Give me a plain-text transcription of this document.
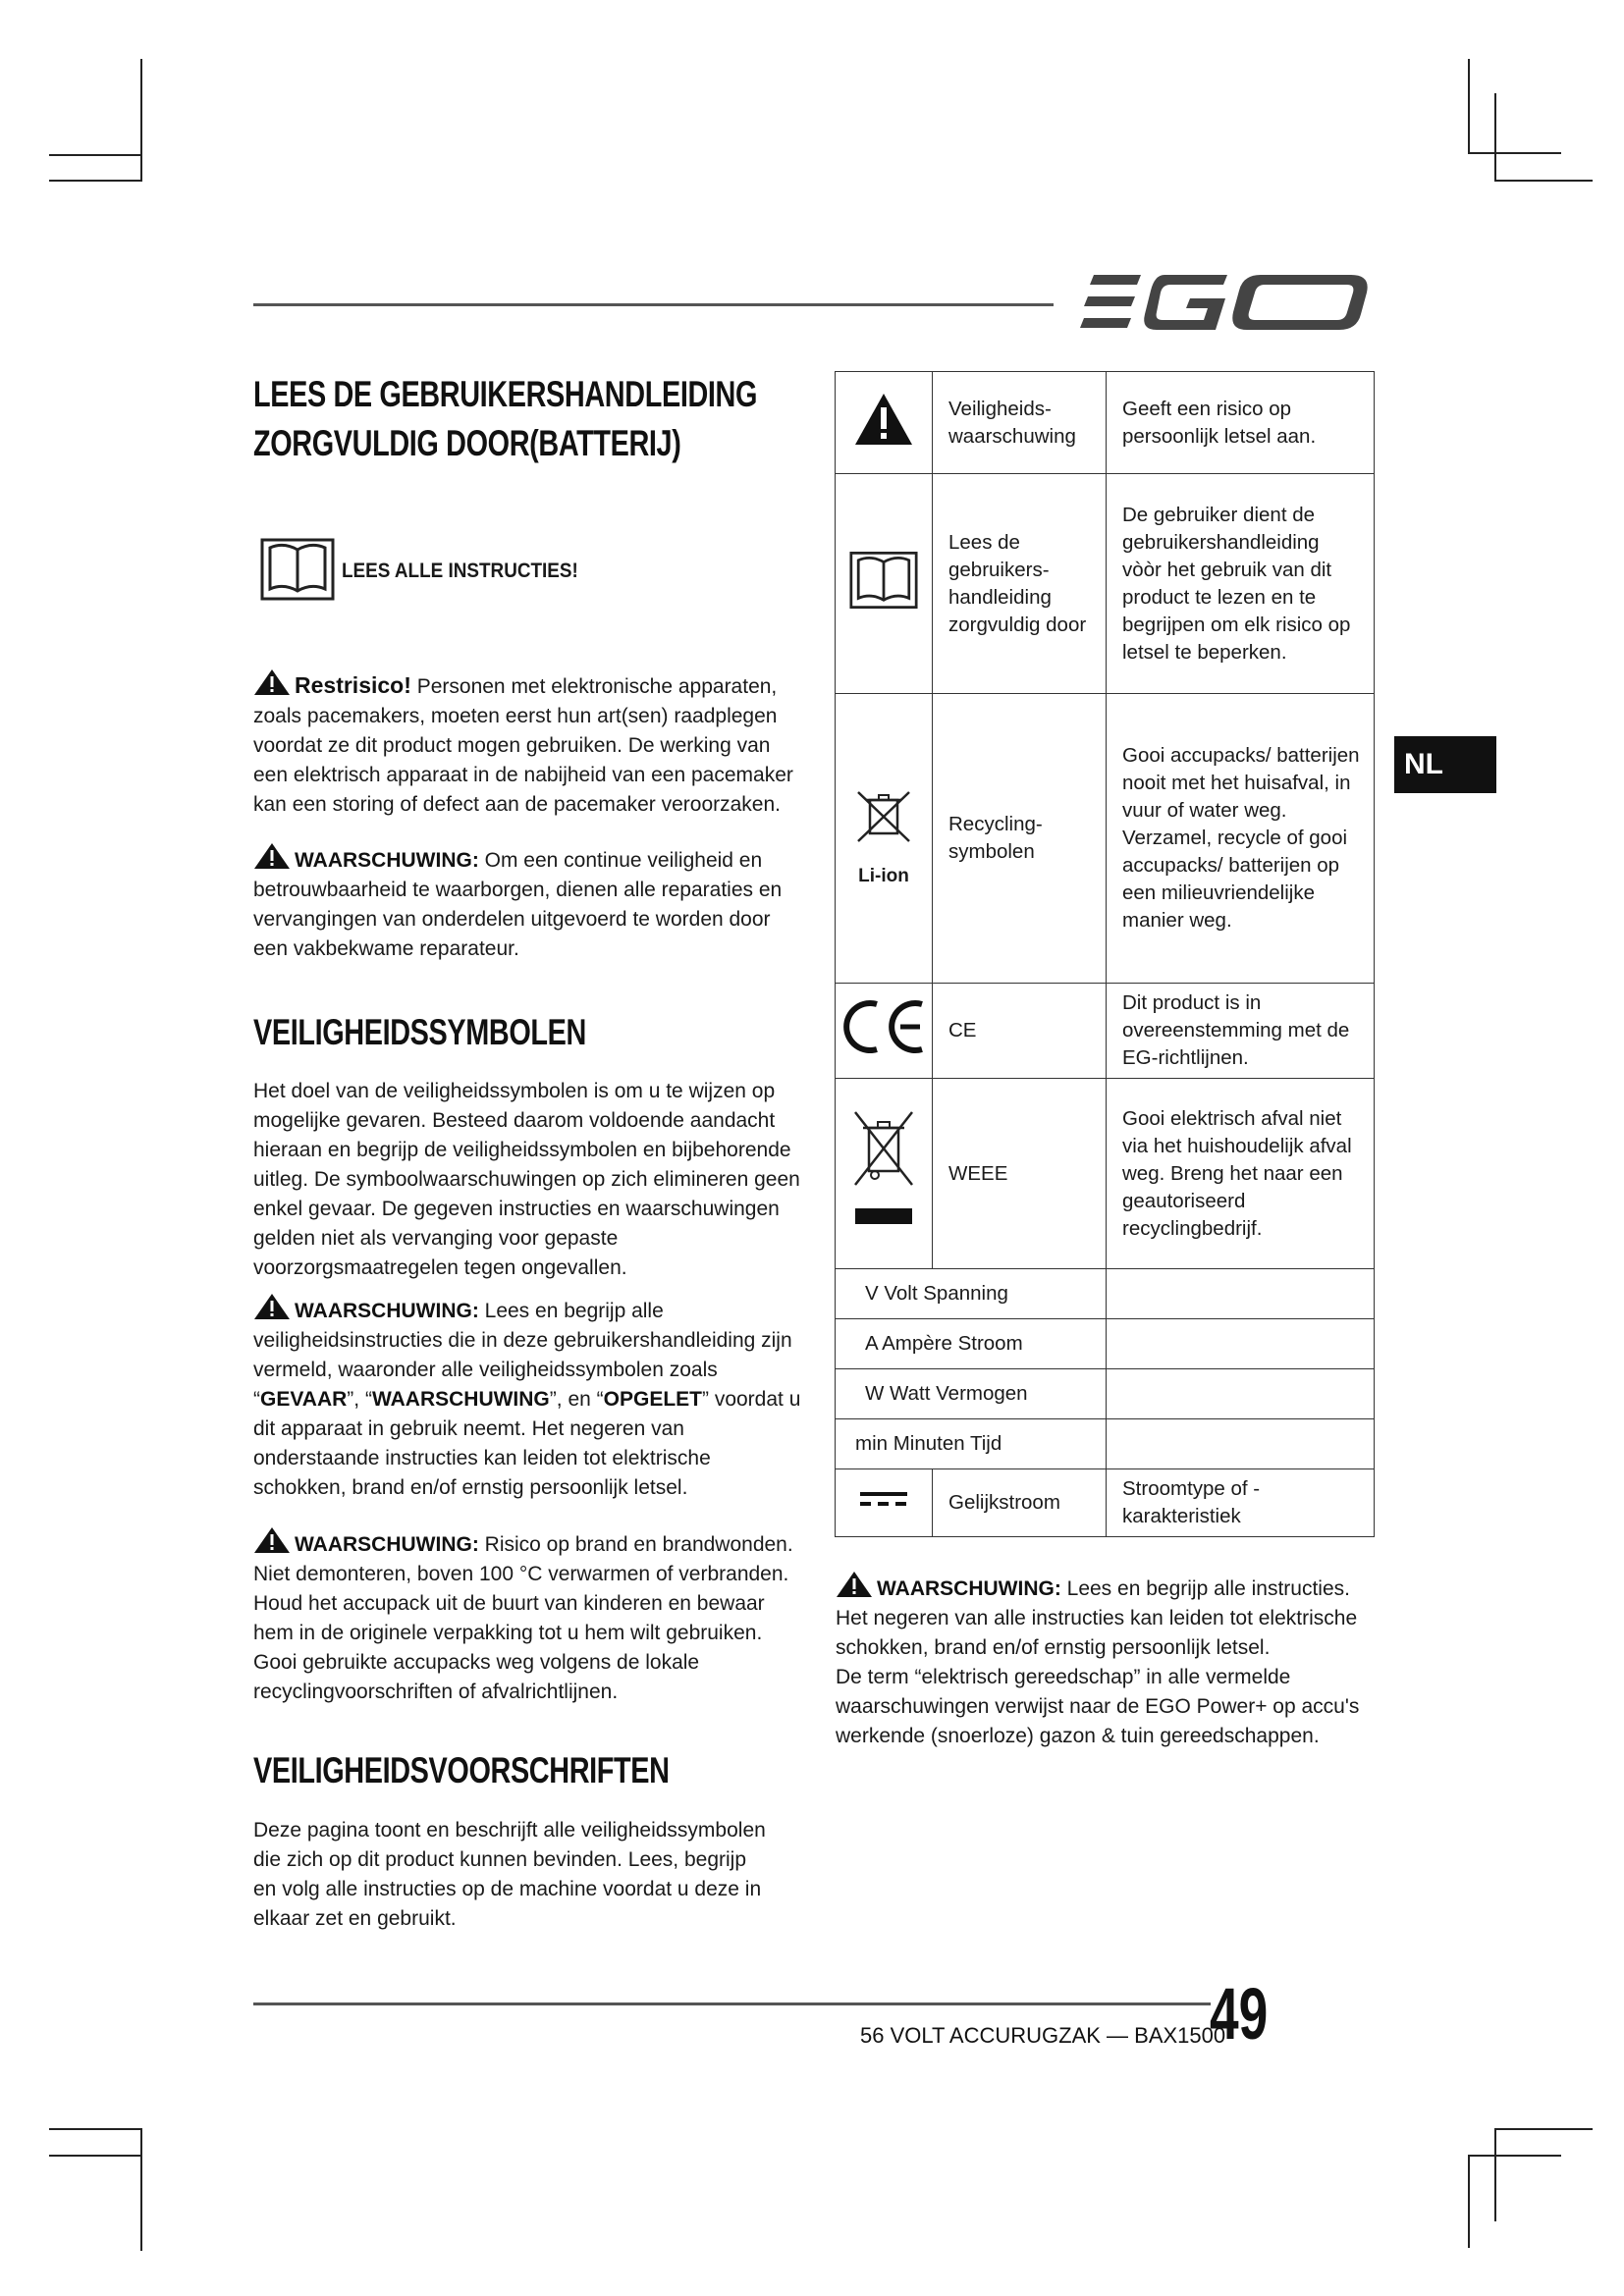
LEES DE GEBRUIKERSHANDLEIDING
ZORGVULDIG DOOR(BATTERIJ)
LEES ALLE INSTRUCTIES!
Restrisico! Personen met elektronische apparaten, zoals pacemakers, moeten eerst hun art(sen) raadplegen voordat ze dit product mogen gebruiken. De werking van een elektrisch apparaat in de nabijheid van een pacemaker kan een storing of defect aan de pacemaker veroorzaken.
WAARSCHUWING: Om een continue veiligheid en betrouwbaarheid te waarborgen, dienen alle reparaties en vervangingen van onderdelen uitgevoerd te worden door een vakbekwame reparateur.
VEILIGHEIDSSYMBOLEN
Het doel van de veiligheidssymbolen is om u te wijzen op mogelijke gevaren. Besteed daarom voldoende aandacht hieraan en begrijp de veiligheidssymbolen en bijbehorende uitleg. De symboolwaarschuwingen op zich elimineren geen enkel gevaar. De gegeven instructies en waarschuwingen gelden niet als vervanging voor gepaste voorzorgsmaatregelen tegen ongevallen.
WAARSCHUWING: Lees en begrijp alle veiligheidsinstructies die in deze gebruikershandleiding zijn vermeld, waaronder alle veiligheidssymbolen zoals “GEVAAR”, “WAARSCHUWING”, en “OPGELET” voordat u dit apparaat in gebruik neemt. Het negeren van onderstaande instructies kan leiden tot elektrische schokken, brand en/of ernstig persoonlijk letsel.
WAARSCHUWING: Risico op brand en brandwonden. Niet demonteren, boven 100 °C verwarmen of verbranden. Houd het accupack uit de buurt van kinderen en bewaar hem in de originele verpakking tot u hem wilt gebruiken. Gooi gebruikte accupacks weg volgens de lokale recyclingvoorschriften of afvalrichtlijnen.
VEILIGHEIDSVOORSCHRIFTEN
Deze pagina toont en beschrijft alle veiligheidssymbolen die zich op dit product kunnen bevinden. Lees, begrijp en volg alle instructies op de machine voordat u deze in elkaar zet en gebruikt.
	Veiligheids-waarschuwing	Geeft een risico op persoonlijk letsel aan.
	Lees de gebruikers-handleiding zorgvuldig door	De gebruiker dient de gebruikershandleiding vòòr het gebruik van dit product te lezen en te begrijpen om elk risico op letsel te beperken.

Li-ion	Recycling-symbolen	Gooi accupacks/ batterijen nooit met het huisafval, in vuur of water weg. Verzamel, recycle of gooi accupacks/ batterijen op een milieuvriendelijke manier weg.
	CE	Dit product is in overeenstemming met de EG-richtlijnen.
	WEEE	Gooi elektrisch afval niet via het huishoudelijk afval weg. Breng het naar een geautoriseerd recyclingbedrijf.
V Volt Spanning		
A Ampère Stroom		
W Watt Vermogen		
min Minuten Tijd		
	Gelijkstroom	Stroomtype of -karakteristiek
WAARSCHUWING: Lees en begrijp alle instructies. Het negeren van alle instructies kan leiden tot elektrische schokken, brand en/of ernstig persoonlijk letsel.
De term “elektrisch gereedschap” in alle vermelde waarschuwingen verwijst naar de EGO Power+ op accu's werkende (snoerloze) gazon & tuin gereedschappen.
NL
56 VOLT ACCURUGZAK — BAX1500
49
